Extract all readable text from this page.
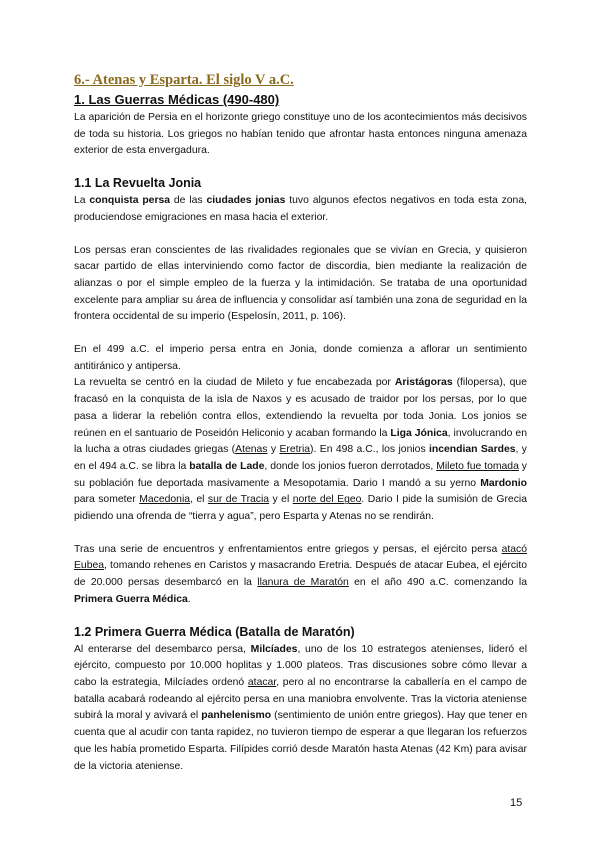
6.- Atenas y Esparta. El siglo V a.C.
1. Las Guerras Médicas (490-480)

La aparición de Persia en el horizonte griego constituye uno de los acontecimientos más decisivos de toda su historia. Los griegos no habían tenido que afrontar hasta entonces ninguna amenaza exterior de esta envergadura.

1.1 La Revuelta Jonia

La conquista persa de las ciudades jonias tuvo algunos efectos negativos en toda esta zona, produciendose emigraciones en masa hacia el exterior.

Los persas eran conscientes de las rivalidades regionales que se vivían en Grecia, y quisieron sacar partido de ellas interviniendo como factor de discordia, bien mediante la realización de alianzas o por el simple empleo de la fuerza y la intimidación. Se trataba de una oportunidad excelente para ampliar su área de influencia y consolidar así también una zona de seguridad en la frontera occidental de su imperio (Espelosín, 2011, p. 106).

En el 499 a.C. el imperio persa entra en Jonia, donde comienza a aflorar un sentimiento antitiránico y antipersa.

La revuelta se centró en la ciudad de Mileto y fue encabezada por Aristágoras (filopersa), que fracasó en la conquista de la isla de Naxos y es acusado de traidor por los persas, por lo que pasa a liderar la rebelión contra ellos, extendiendo la revuelta por toda Jonia. Los jonios se reúnen en el santuario de Poseidón Heliconio y acaban formando la Liga Jónica, involucrando en la lucha a otras ciudades griegas (Atenas y Eretria). En 498 a.C., los jonios incendian Sardes, y en el 494 a.C. se libra la batalla de Lade, donde los jonios fueron derrotados, Mileto fue tomada y su población fue deportada masivamente a Mesopotamia. Dario I mandó a su yerno Mardonio para someter Macedonia, el sur de Tracia y el norte del Egeo. Dario I pide la sumisión de Grecia pidiendo una ofrenda de “tierra y agua”, pero Esparta y Atenas no se rendirán.

Tras una serie de encuentros y enfrentamientos entre griegos y persas, el ejército persa atacó Eubea, tomando rehenes en Caristos y masacrando Eretria. Después de atacar Eubea, el ejército de 20.000 persas desembarcó en la llanura de Maratón en el año 490 a.C. comenzando la Primera Guerra Médica.

1.2 Primera Guerra Médica (Batalla de Maratón)

Al enterarse del desembarco persa, Milcíades, uno de los 10 estrategos atenienses, lideró el ejército, compuesto por 10.000 hoplitas y 1.000 plateos. Tras discusiones sobre cómo llevar a cabo la estrategia, Milcíades ordenó atacar, pero al no encontrarse la caballería en el campo de batalla acabará rodeando al ejército persa en una maniobra envolvente. Tras la victoria ateniense subirá la moral y avivará el panhelenismo (sentimiento de unión entre griegos). Hay que tener en cuenta que al acudir con tanta rapidez, no tuvieron tiempo de esperar a que llegaran los refuerzos que les había prometido Esparta. Filípides corrió desde Maratón hasta Atenas (42 Km) para avisar de la victoria ateniense.

15
